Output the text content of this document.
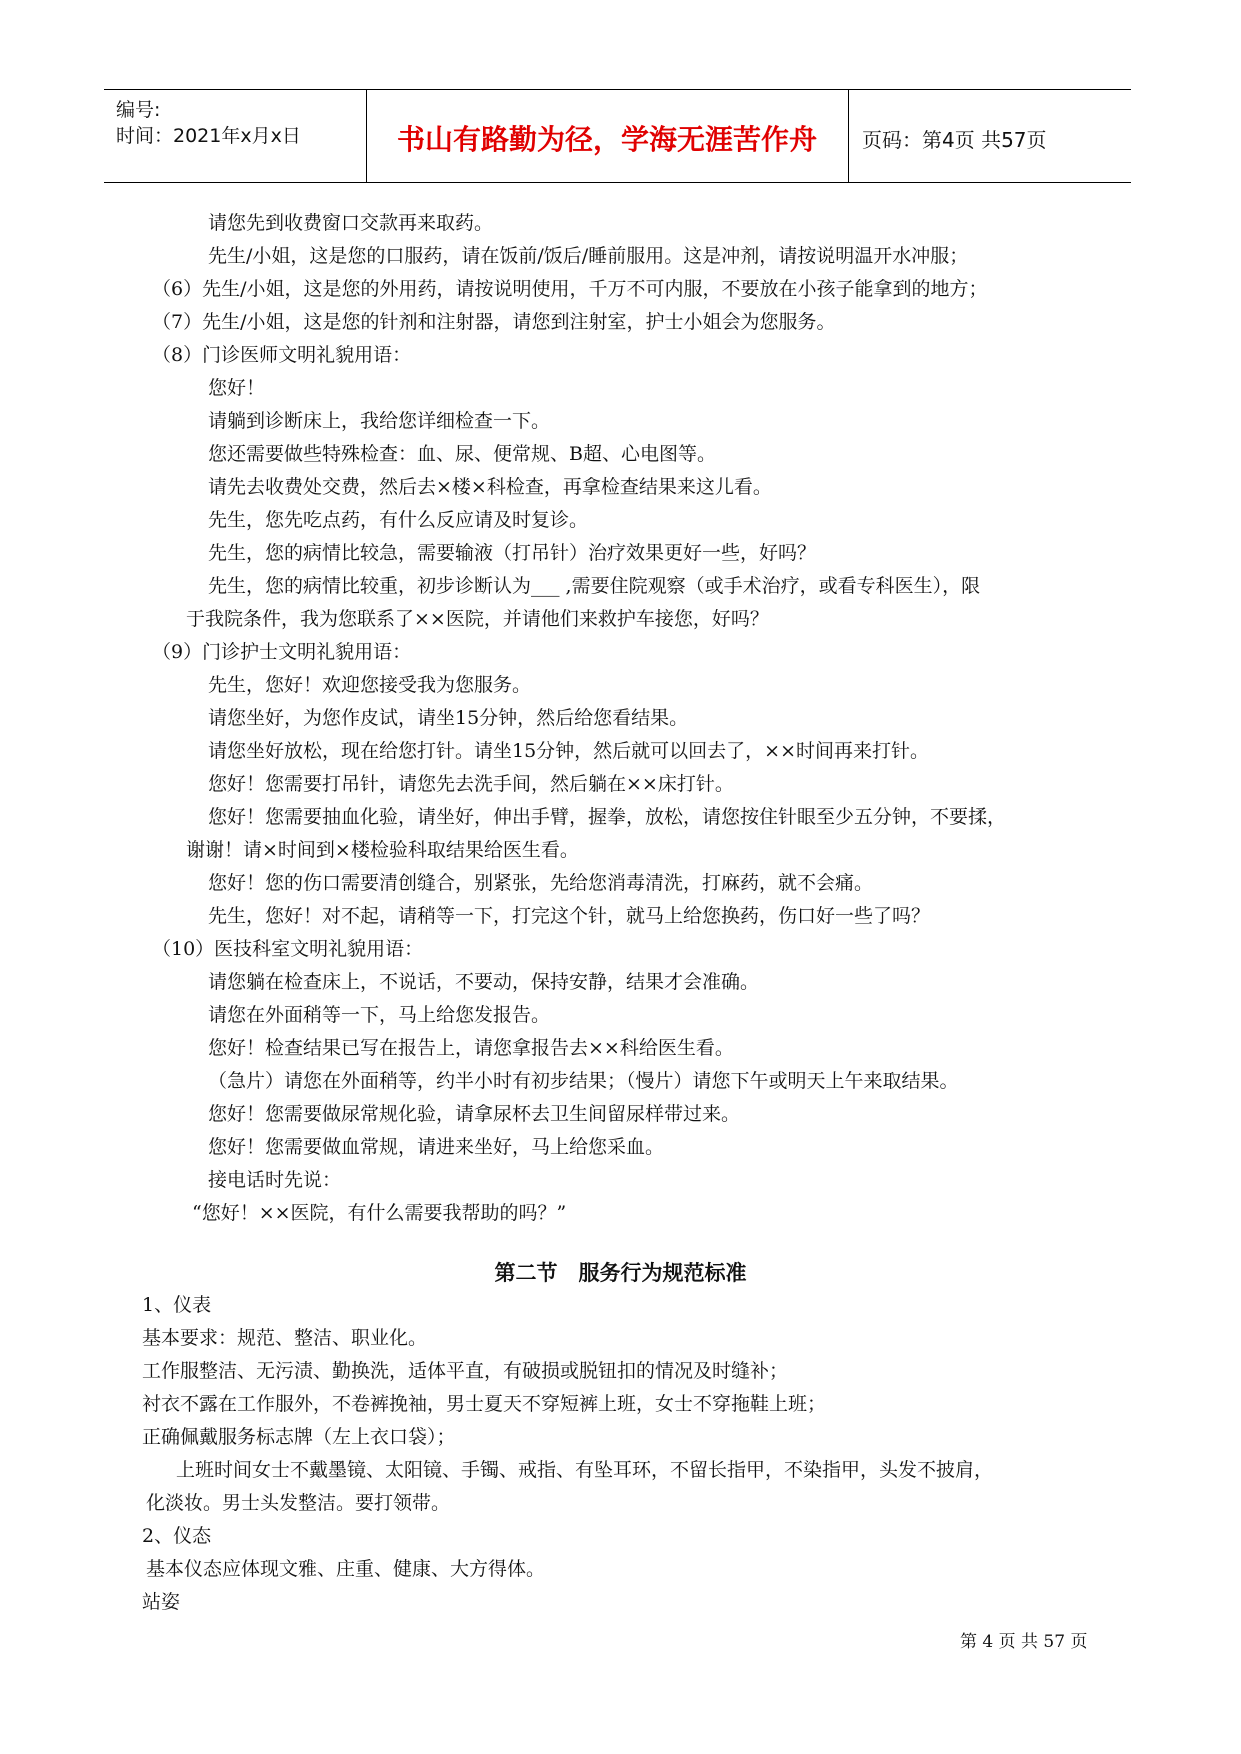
编号:
时间：2021年x月x日	书山有路勤为径，学海无涯苦作舟	页码：第4页 共57页
请您先到收费窗口交款再来取药。
先生/小姐，这是您的口服药，请在饭前/饭后/睡前服用。这是冲剂，请按说明温开水冲服；
（6）先生/小姐，这是您的外用药，请按说明使用，千万不可内服，不要放在小孩子能拿到的地方；
（7）先生/小姐，这是您的针剂和注射器，请您到注射室，护士小姐会为您服务。
（8）门诊医师文明礼貌用语：
您好！
请躺到诊断床上，我给您详细检查一下。
您还需要做些特殊检查：血、尿、便常规、B超、心电图等。
请先去收费处交费，然后去×楼×科检查，再拿检查结果来这儿看。
先生，您先吃点药，有什么反应请及时复诊。
先生，您的病情比较急，需要输液（打吊针）治疗效果更好一些，好吗？
先生，您的病情比较重，初步诊断认为___ ,需要住院观察（或手术治疗，或看专科医生），限
于我院条件，我为您联系了××医院，并请他们来救护车接您，好吗？
（9）门诊护士文明礼貌用语：
先生，您好！欢迎您接受我为您服务。
请您坐好，为您作皮试，请坐15分钟，然后给您看结果。
请您坐好放松，现在给您打针。请坐15分钟，然后就可以回去了，××时间再来打针。
您好！您需要打吊针，请您先去洗手间，然后躺在××床打针。
您好！您需要抽血化验，请坐好，伸出手臂，握拳，放松，请您按住针眼至少五分钟，不要揉，
谢谢！请×时间到×楼检验科取结果给医生看。
您好！您的伤口需要清创缝合，别紧张，先给您消毒清洗，打麻药，就不会痛。
先生，您好！对不起，请稍等一下，打完这个针，就马上给您换药，伤口好一些了吗？
（10）医技科室文明礼貌用语：
请您躺在检查床上，不说话，不要动，保持安静，结果才会准确。
请您在外面稍等一下，马上给您发报告。
您好！检查结果已写在报告上，请您拿报告去××科给医生看。
（急片）请您在外面稍等，约半小时有初步结果；（慢片）请您下午或明天上午来取结果。
您好！您需要做尿常规化验，请拿尿杯去卫生间留尿样带过来。
您好！您需要做血常规，请进来坐好，马上给您采血。
接电话时先说：
“您好！××医院，有什么需要我帮助的吗？”
第二节　服务行为规范标准
1、仪表
基本要求：规范、整洁、职业化。
工作服整洁、无污渍、勤换洗，适体平直，有破损或脱钮扣的情况及时缝补；
衬衣不露在工作服外，不卷裤挽袖，男士夏天不穿短裤上班，女士不穿拖鞋上班；
正确佩戴服务标志牌（左上衣口袋）；
上班时间女士不戴墨镜、太阳镜、手镯、戒指、有坠耳环，不留长指甲，不染指甲，头发不披肩，
化淡妆。男士头发整洁。要打领带。
2、仪态
基本仪态应体现文雅、庄重、健康、大方得体。
站姿
第 4 页 共 57 页
